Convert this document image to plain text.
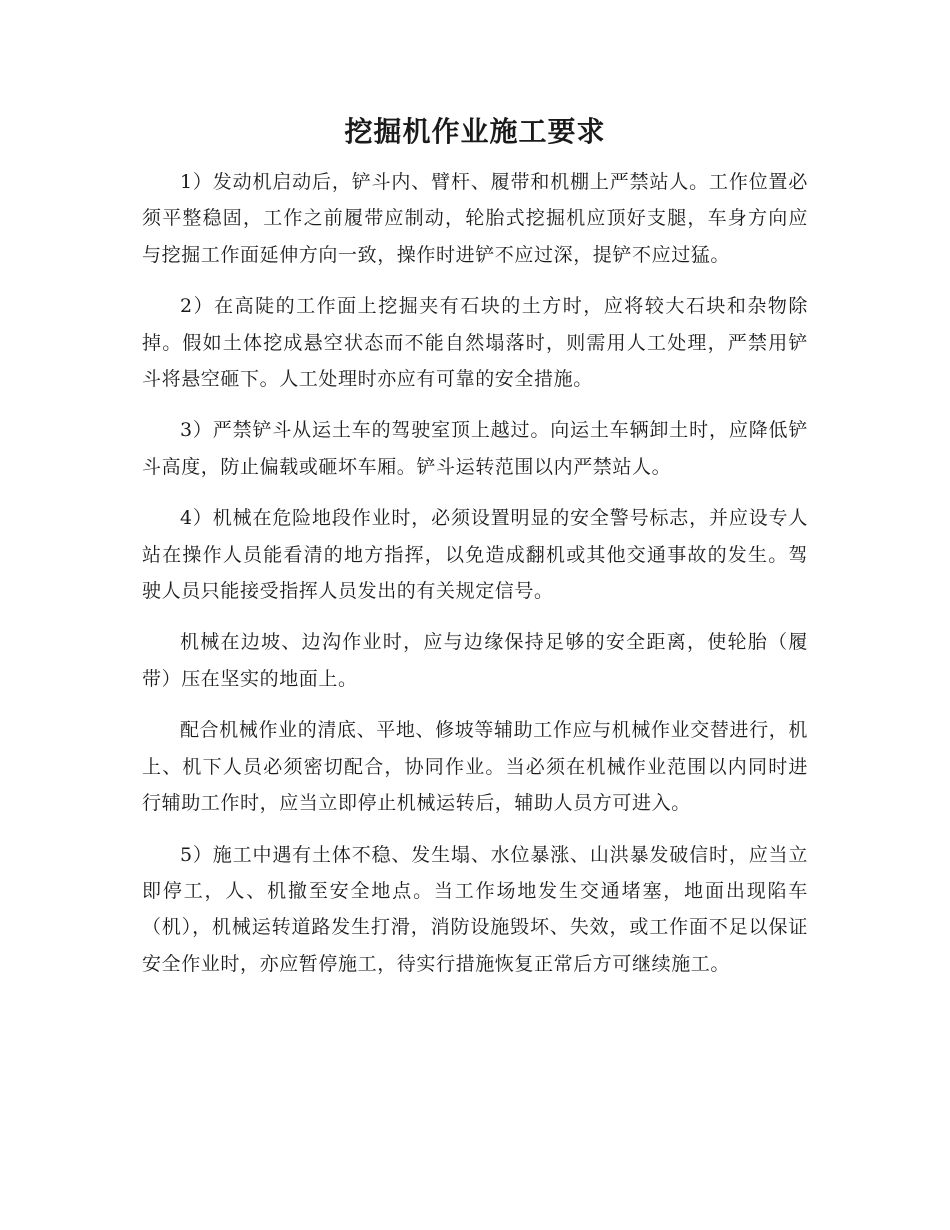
挖掘机作业施工要求

1）发动机启动后，铲斗内、臂杆、履带和机棚上严禁站人。工作位置必须平整稳固，工作之前履带应制动，轮胎式挖掘机应顶好支腿，车身方向应与挖掘工作面延伸方向一致，操作时进铲不应过深，提铲不应过猛。

2）在高陡的工作面上挖掘夹有石块的土方时，应将较大石块和杂物除掉。假如土体挖成悬空状态而不能自然塌落时，则需用人工处理，严禁用铲斗将悬空砸下。人工处理时亦应有可靠的安全措施。

3）严禁铲斗从运土车的驾驶室顶上越过。向运土车辆卸土时，应降低铲斗高度，防止偏载或砸坏车厢。铲斗运转范围以内严禁站人。

4）机械在危险地段作业时，必须设置明显的安全警号标志，并应设专人站在操作人员能看清的地方指挥，以免造成翻机或其他交通事故的发生。驾驶人员只能接受指挥人员发出的有关规定信号。

机械在边坡、边沟作业时，应与边缘保持足够的安全距离，使轮胎（履带）压在坚实的地面上。

配合机械作业的清底、平地、修坡等辅助工作应与机械作业交替进行，机上、机下人员必须密切配合，协同作业。当必须在机械作业范围以内同时进行辅助工作时，应当立即停止机械运转后，辅助人员方可进入。

5）施工中遇有土体不稳、发生塌、水位暴涨、山洪暴发破信时，应当立即停工，人、机撤至安全地点。当工作场地发生交通堵塞，地面出现陷车（机），机械运转道路发生打滑，消防设施毁坏、失效，或工作面不足以保证安全作业时，亦应暂停施工，待实行措施恢复正常后方可继续施工。
